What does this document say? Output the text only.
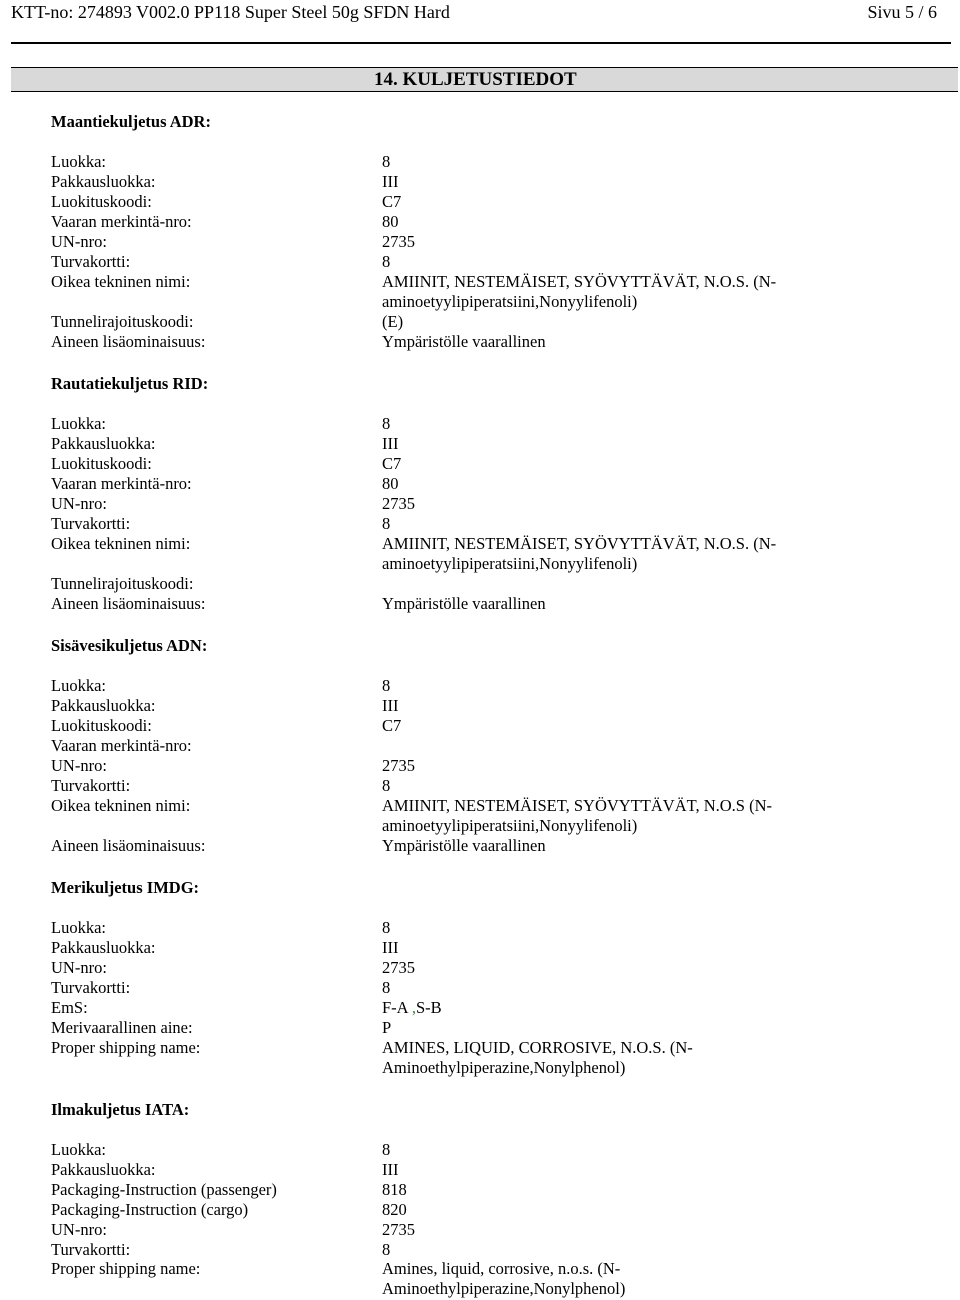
KTT-no: 274893 V002.0 PP118 Super Steel 50g SFDN Hard	Sivu 5 / 6
14. KULJETUSTIEDOT
Maantiekuljetus ADR:
Luokka:	8
Pakkausluokka:	III
Luokituskoodi:	C7
Vaaran merkintä-nro:	80
UN-nro:	2735
Turvakortti:	8
Oikea tekninen nimi:	AMIINIT, NESTEMÄISET, SYÖVYTTÄVÄT, N.O.S. (N-
aminoetyylipiperatsiini,Nonyylifenoli)
Tunnelirajoituskoodi:	(E)
Aineen lisäominaisuus:	Ympäristölle vaarallinen
Rautatiekuljetus RID:
Luokka:	8
Pakkausluokka:	III
Luokituskoodi:	C7
Vaaran merkintä-nro:	80
UN-nro:	2735
Turvakortti:	8
Oikea tekninen nimi:	AMIINIT, NESTEMÄISET, SYÖVYTTÄVÄT, N.O.S. (N-
aminoetyylipiperatsiini,Nonyylifenoli)
Tunnelirajoituskoodi:
Aineen lisäominaisuus:	Ympäristölle vaarallinen
Sisävesikuljetus ADN:
Luokka:	8
Pakkausluokka:	III
Luokituskoodi:	C7
Vaaran merkintä-nro:
UN-nro:	2735
Turvakortti:	8
Oikea tekninen nimi:	AMIINIT, NESTEMÄISET, SYÖVYTTÄVÄT, N.O.S (N-
aminoetyylipiperatsiini,Nonyylifenoli)
Aineen lisäominaisuus:	Ympäristölle vaarallinen
Merikuljetus IMDG:
Luokka:	8
Pakkausluokka:	III
UN-nro:	2735
Turvakortti:	8
EmS:	F-A ,S-B
Merivaarallinen aine:	P
Proper shipping name:	AMINES, LIQUID, CORROSIVE, N.O.S. (N-
Aminoethylpiperazine,Nonylphenol)
Ilmakuljetus IATA:
Luokka:	8
Pakkausluokka:	III
Packaging-Instruction (passenger)	818
Packaging-Instruction (cargo)	820
UN-nro:	2735
Turvakortti:	8
Proper shipping name:	Amines, liquid, corrosive, n.o.s. (N-
Aminoethylpiperazine,Nonylphenol)
